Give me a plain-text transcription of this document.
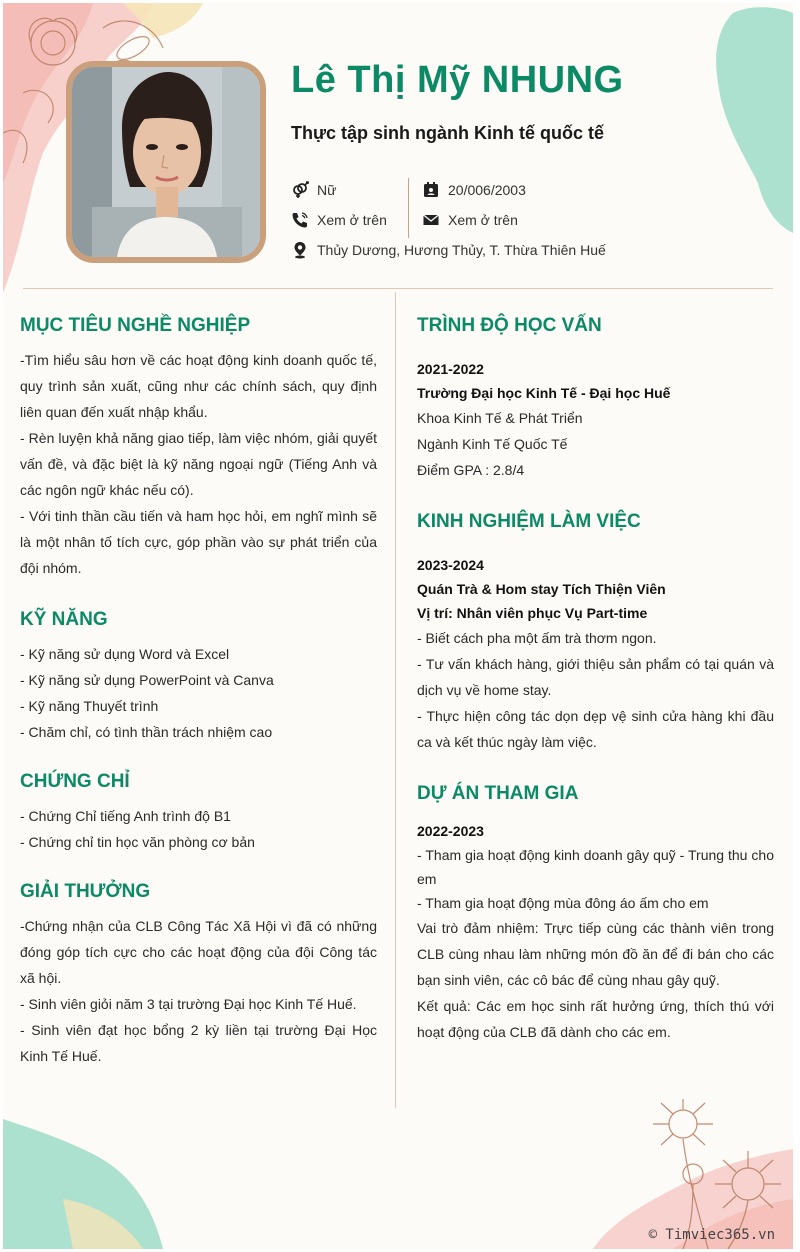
Lê Thị Mỹ NHUNG
Thực tập sinh ngành Kinh tế quốc tế
Nữ
Xem ở trên
Thủy Dương, Hương Thủy, T. Thừa Thiên Huế
20/006/2003
Xem ở trên
MỤC TIÊU NGHỀ NGHIỆP
-Tìm hiểu sâu hơn về các hoạt động kinh doanh quốc tế, quy trình sản xuất, cũng như các chính sách, quy định liên quan đến xuất nhập khẩu.
- Rèn luyện khả năng giao tiếp, làm việc nhóm, giải quyết vấn đề, và đặc biệt là kỹ năng ngoại ngữ (Tiếng Anh và các ngôn ngữ khác nếu có).
- Với tinh thần cầu tiến và ham học hỏi, em nghĩ mình sẽ là một nhân tố tích cực, góp phần vào sự phát triển của đội nhóm.
KỸ NĂNG
- Kỹ năng sử dụng Word và Excel
- Kỹ năng sử dụng PowerPoint và Canva
- Kỹ năng Thuyết trình
- Chăm chỉ, có tình thần trách nhiệm cao
CHỨNG CHỈ
- Chứng Chỉ tiếng Anh trình độ B1
- Chứng chỉ tin học văn phòng cơ bản
GIẢI THƯỞNG
-Chứng nhận của CLB Công Tác Xã Hội vì đã có những đóng góp tích cực cho các hoạt động của đội Công tác xã hội.
- Sinh viên giỏi năm 3 tại trường Đại học Kinh Tế Huế.
- Sinh viên đạt học bổng 2 kỳ liền tại trường Đại Học Kinh Tế Huế.
TRÌNH ĐỘ HỌC VẤN
2021-2022
Trường Đại học Kinh Tế - Đại học Huế
Khoa Kinh Tế & Phát Triển
Ngành Kinh Tế Quốc Tế
Điểm GPA : 2.8/4
KINH NGHIỆM LÀM VIỆC
2023-2024
Quán Trà & Hom stay Tích Thiện Viên
Vị trí: Nhân viên phục Vụ Part-time
- Biết cách pha một ấm trà thơm ngon.
- Tư vấn khách hàng, giới thiệu sản phẩm có tại quán và dịch vụ về home stay.
- Thực hiện công tác dọn dẹp vệ sinh cửa hàng khi đầu ca và kết thúc ngày làm việc.
DỰ ÁN THAM GIA
2022-2023
- Tham gia hoạt động kinh doanh gây quỹ - Trung thu cho em
- Tham gia hoạt động mùa đông áo ấm cho em
Vai trò đảm nhiệm: Trực tiếp cùng các thành viên trong CLB cùng nhau làm những món đồ ăn để đi bán cho các bạn sinh viên, các cô bác để cùng nhau gây quỹ.
Kết quả: Các em học sinh rất hưởng ứng, thích thú với hoạt động của CLB đã dành cho các em.
© Timviec365.vn
